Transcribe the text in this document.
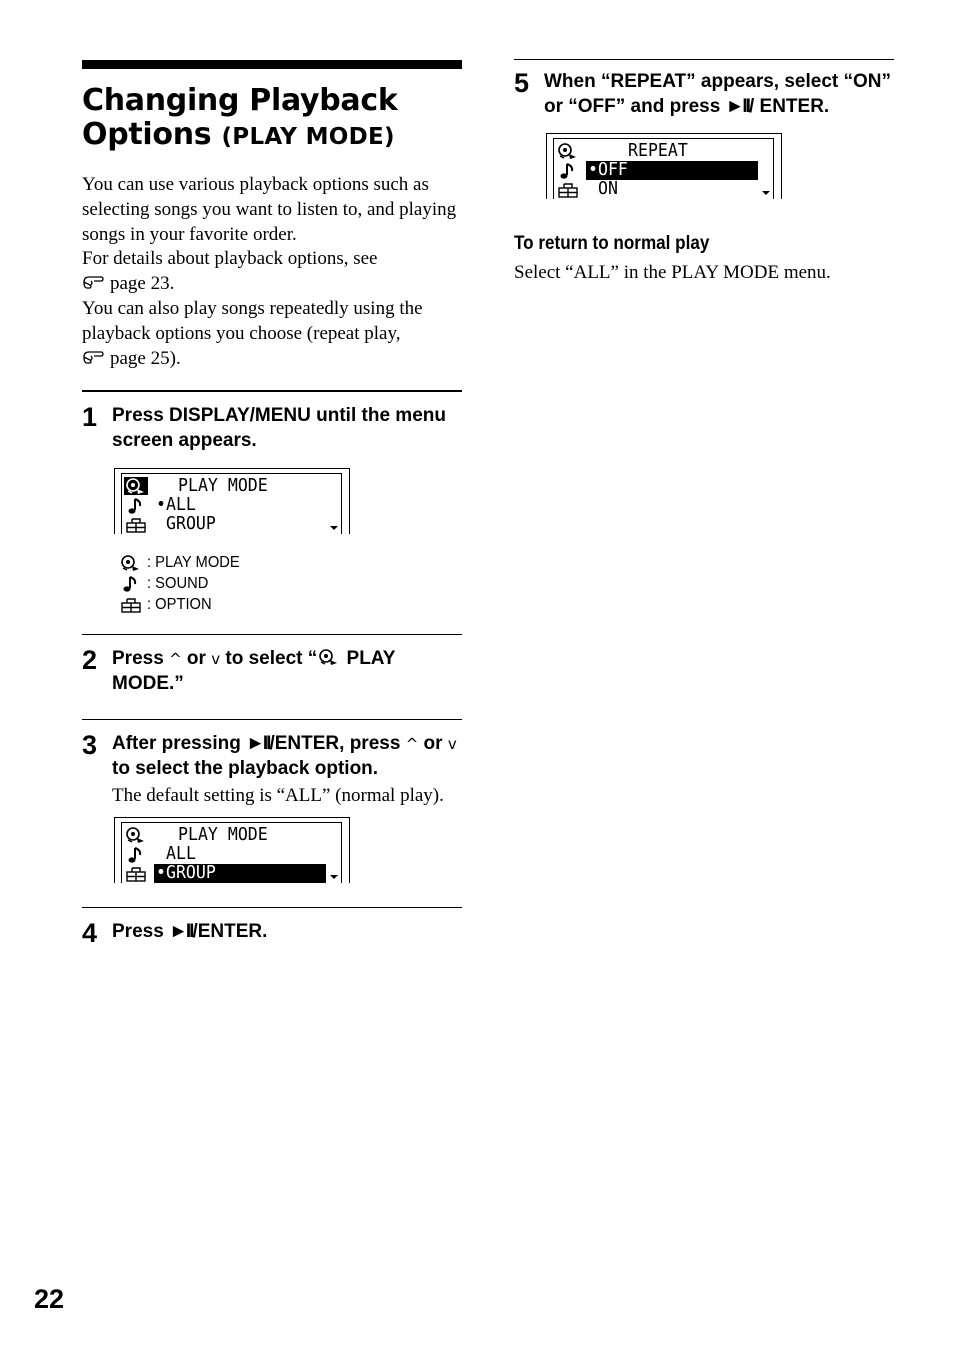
Changing Playback Options (PLAY MODE)

You can use various playback options such as selecting songs you want to listen to, and playing songs in your favorite order.

For details about playback options, see
page 23.

You can also play songs repeatedly using the playback options you choose (repeat play,
page 25).

1 Press DISPLAY/MENU until the menu screen appears.
PLAY MODE
•ALL
GROUP
: PLAY MODE
: SOUND
: OPTION
2 Press ^ or v to select “ PLAY MODE.”
3 After pressing ►II/ENTER, press ^ or v to select the playback option.
The default setting is “ALL” (normal play).
PLAY MODE
ALL
•GROUP
4 Press ►II/ENTER.
5 When “REPEAT” appears, select “ON” or “OFF” and press ►II/ ENTER.
REPEAT
•OFF
ON
To return to normal play
Select “ALL” in the PLAY MODE menu.
22
